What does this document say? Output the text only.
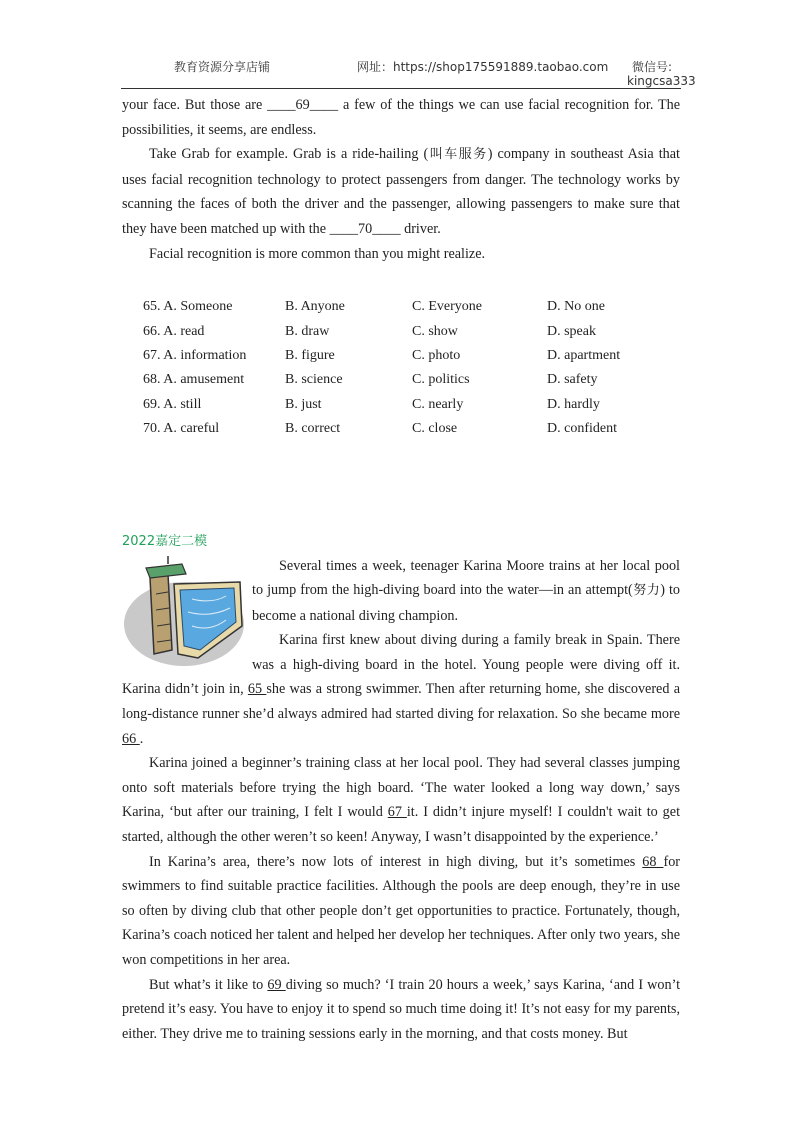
教育资源分享店铺	网址：https://shop175591889.taobao.com 微信号:
kingcsa333

your face. But those are ____69____ a few of the things we can use facial recognition for. The possibilities, it seems, are endless.

Take Grab for example. Grab is a ride-hailing (叫车服务) company in southeast Asia that uses facial recognition technology to protect passengers from danger. The technology works by scanning the faces of both the driver and the passenger, allowing passengers to make sure that they have been matched up with the ____70____ driver.

Facial recognition is more common than you might realize.

65. A. Someone	B. Anyone	C. Everyone	D. No one
66. A. read	B. draw	C. show	D. speak
67. A. information	B. figure	C. photo	D. apartment
68. A. amusement	B. science	C. politics	D. safety
69. A. still	B. just	C. nearly	D. hardly
70. A. careful	B. correct	C. close	D. confident
2022嘉定二模

Several times a week, teenager Karina Moore trains at her local pool to jump from the high-diving board into the water—in an attempt(努力) to become a national diving champion.

Karina first knew about diving during a family break in Spain. There was a high-diving board in the hotel. Young people were diving off it. Karina didn’t join in, 65 she was a strong swimmer. Then after returning home, she discovered a long-distance runner she’d always admired had started diving for relaxation. So she became more 66 .

Karina joined a beginner’s training class at her local pool. They had several classes jumping onto soft materials before trying the high board. ‘The water looked a long way down,’ says Karina, ‘but after our training, I felt I would 67 it. I didn’t injure myself! I couldn't wait to get started, although the other weren’t so keen! Anyway, I wasn’t disappointed by the experience.’

In Karina’s area, there’s now lots of interest in high diving, but it’s sometimes 68 for swimmers to find suitable practice facilities. Although the pools are deep enough, they’re in use so often by diving club that other people don’t get opportunities to practice. Fortunately, though, Karina’s coach noticed her talent and helped her develop her techniques. After only two years, she won competitions in her area.

But what’s it like to 69 diving so much? ‘I train 20 hours a week,’ says Karina, ‘and I won’t pretend it’s easy. You have to enjoy it to spend so much time doing it! It’s not easy for my parents, either. They drive me to training sessions early in the morning, and that costs money. But
